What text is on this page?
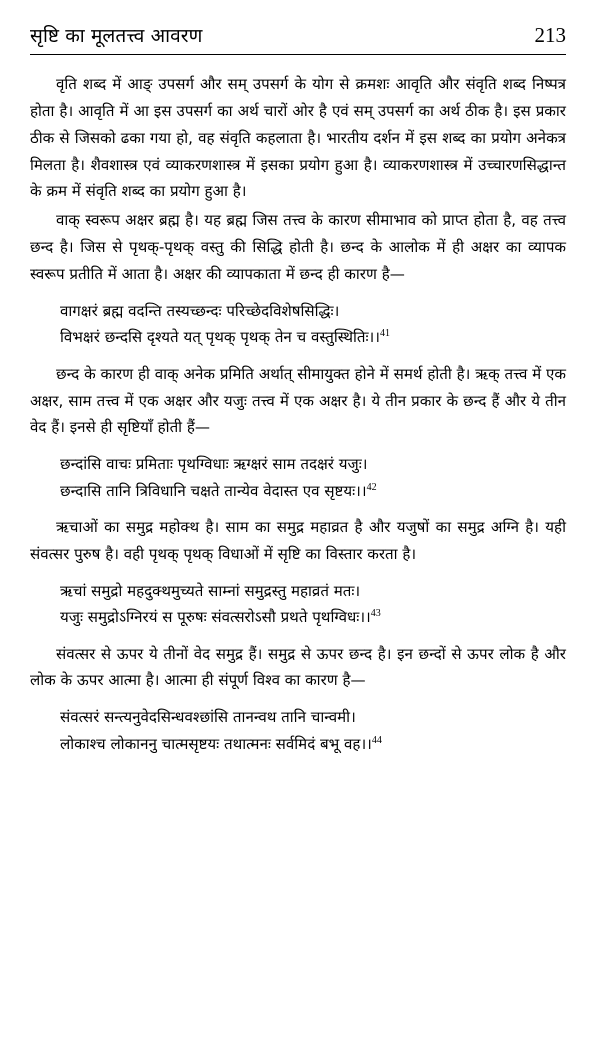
सृष्टि का मूलतत्त्व आवरण	213

वृति शब्द में आङ् उपसर्ग और सम् उपसर्ग के योग से क्रमशः आवृति और संवृति शब्द निष्पत्र होता है। आवृति में आ इस उपसर्ग का अर्थ चारों ओर है एवं सम् उपसर्ग का अर्थ ठीक है। इस प्रकार ठीक से जिसको ढका गया हो, वह संवृति कहलाता है। भारतीय दर्शन में इस शब्द का प्रयोग अनेकत्र मिलता है। शैवशास्त्र एवं व्याकरणशास्त्र में इसका प्रयोग हुआ है। व्याकरणशास्त्र में उच्चारणसिद्धान्त के क्रम में संवृति शब्द का प्रयोग हुआ है।

वाक् स्वरूप अक्षर ब्रह्म है। यह ब्रह्म जिस तत्त्व के कारण सीमाभाव को प्राप्त होता है, वह तत्त्व छन्द है। जिस से पृथक्-पृथक् वस्तु की सिद्धि होती है। छन्द के आलोक में ही अक्षर का व्यापक स्वरूप प्रतीति में आता है। अक्षर की व्यापकाता में छन्द ही कारण है—

वागक्षरं ब्रह्म वदन्ति तस्यच्छन्दः परिच्छेदविशेषसिद्धिः।
विभक्षरं छन्दसि दृश्यते यत् पृथक् पृथक् तेन च वस्तुस्थितिः।।$^{41}$

छन्द के कारण ही वाक् अनेक प्रमिति अर्थात् सीमायुक्त होने में समर्थ होती है। ऋक् तत्त्व में एक अक्षर, साम तत्त्व में एक अक्षर और यजुः तत्त्व में एक अक्षर है। ये तीन प्रकार के छन्द हैं और ये तीन वेद हैं। इनसे ही सृष्टियाँ होती हैं—

छन्दांसि वाचः प्रमिताः पृथग्विधाः ऋग्क्षरं साम तदक्षरं यजुः।
छन्दासि तानि त्रिविधानि चक्षते तान्येव वेदास्त एव सृष्टयः।।$^{42}$

ऋचाओं का समुद्र महोक्थ है। साम का समुद्र महाव्रत है और यजुषों का समुद्र अग्नि है। यही संवत्सर पुरुष है। वही पृथक् पृथक् विधाओं में सृष्टि का विस्तार करता है।

ऋचां समुद्रो महदुक्थमुच्यते साम्नां समुद्रस्तु महाव्रतं मतः।
यजुः समुद्रोऽग्निरयं स पूरुषः संवत्सरोऽसौ प्रथते पृथग्विधः।।$^{43}$

संवत्सर से ऊपर ये तीनों वेद समुद्र हैं। समुद्र से ऊपर छन्द है। इन छन्दों से ऊपर लोक है और लोक के ऊपर आत्मा है। आत्मा ही संपूर्ण विश्व का कारण है—

संवत्सरं सन्त्यनुवेदसिन्धवश्छांसि तानन्वथ तानि चान्वमी।
लोकाश्च लोकाननु चात्मसृष्टयः तथात्मनः सर्वमिदं बभू वह।।$^{44}$
